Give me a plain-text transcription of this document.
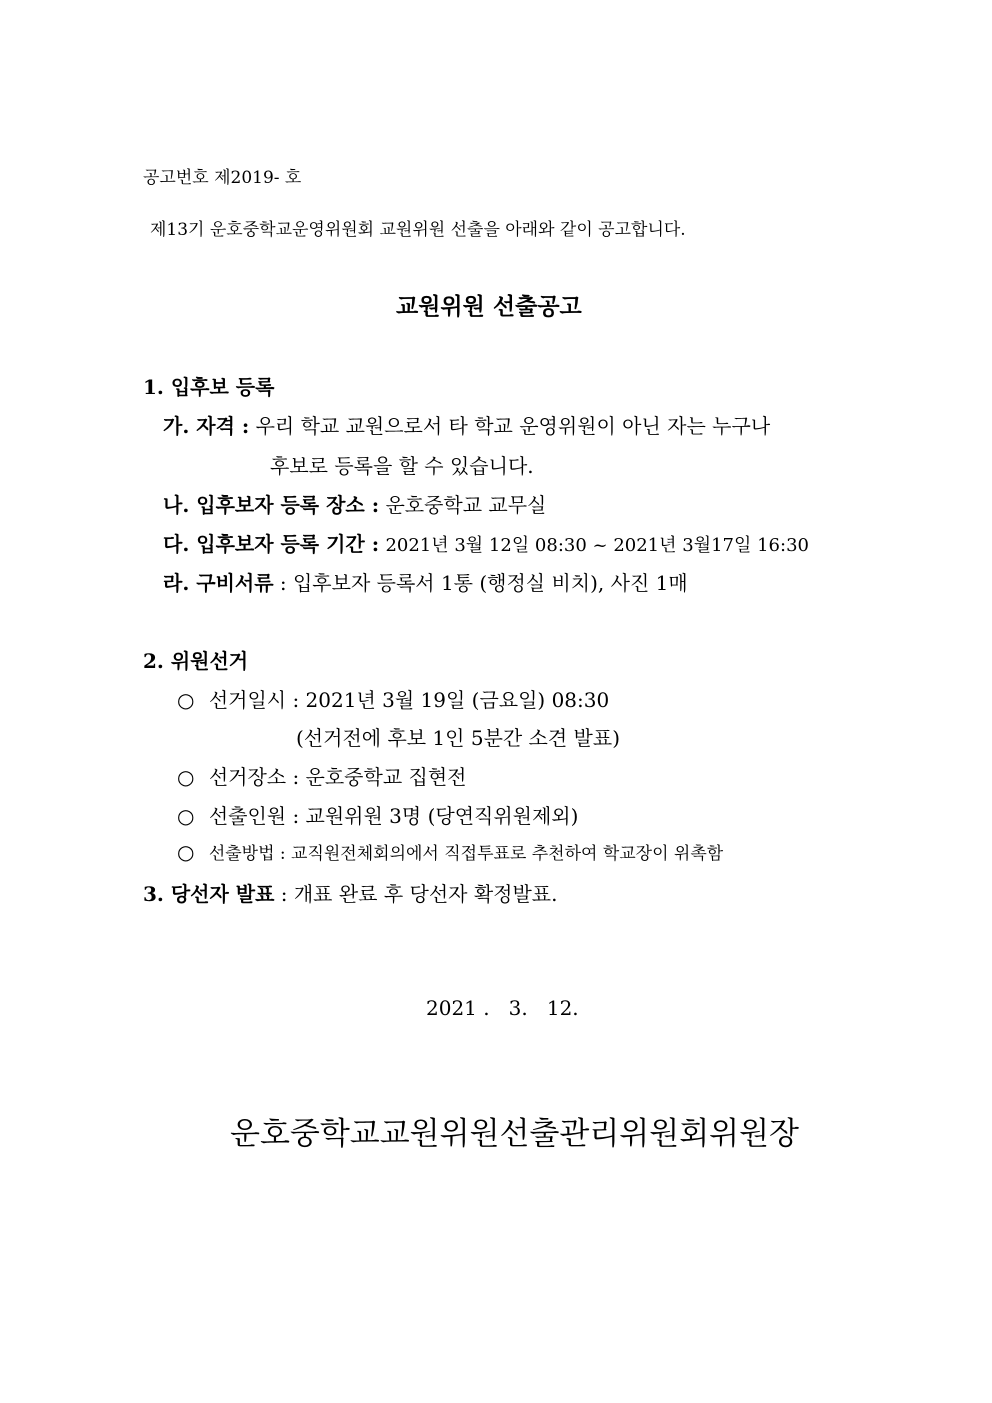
공고번호 제2019- 호
제13기 운호중학교운영위원회 교원위원 선출을 아래와 같이 공고합니다.
교원위원 선출공고
1. 입후보 등록
가. 자격 : 우리 학교 교원으로서 타 학교 운영위원이 아닌 자는 누구나
후보로 등록을 할 수 있습니다.
나. 입후보자 등록 장소 : 운호중학교 교무실
다. 입후보자 등록 기간 : 2021년 3월 12일 08:30 ~ 2021년 3월17일 16:30
라. 구비서류 : 입후보자 등록서 1통 (행정실 비치), 사진 1매
2. 위원선거
○ 선거일시 : 2021년 3월 19일 (금요일) 08:30
(선거전에 후보 1인 5분간 소견 발표)
○ 선거장소 : 운호중학교 집현전
○ 선출인원 : 교원위원 3명 (당연직위원제외)
○ 선출방법 : 교직원전체회의에서 직접투표로 추천하여 학교장이 위촉함
3. 당선자 발표 : 개표 완료 후 당선자 확정발표.
2021 .   3.   12.
운호중학교교원위원선출관리위원회위원장
